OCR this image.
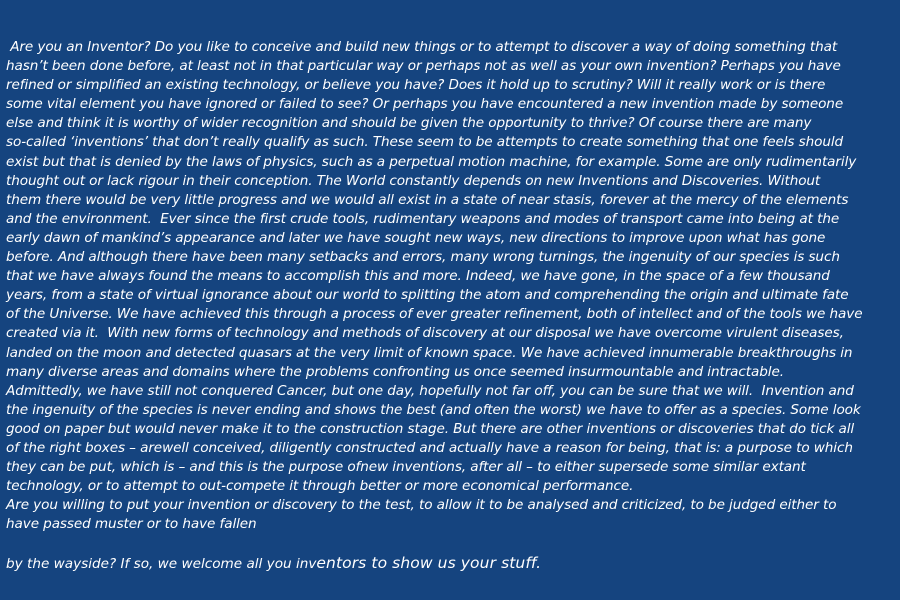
Are you an Inventor? Do you like to conceive and build new things or to attempt to discover a way of doing something that
hasn’t been done before, at least not in that particular way or perhaps not as well as your own invention? Perhaps you have
refined or simplified an existing technology, or believe you have? Does it hold up to scrutiny? Will it really work or is there
some vital element you have ignored or failed to see? Or perhaps you have encountered a new invention made by someone
else and think it is worthy of wider recognition and should be given the opportunity to thrive? Of course there are many
so-called ‘inventions’ that don’t really qualify as such. These seem to be attempts to create something that one feels should
exist but that is denied by the laws of physics, such as a perpetual motion machine, for example. Some are only rudimentarily
thought out or lack rigour in their conception. The World constantly depends on new Inventions and Discoveries. Without
them there would be very little progress and we would all exist in a state of near stasis, forever at the mercy of the elements
and the environment.  Ever since the first crude tools, rudimentary weapons and modes of transport came into being at the
early dawn of mankind’s appearance and later we have sought new ways, new directions to improve upon what has gone
before. And although there have been many setbacks and errors, many wrong turnings, the ingenuity of our species is such
that we have always found the means to accomplish this and more. Indeed, we have gone, in the space of a few thousand
years, from a state of virtual ignorance about our world to splitting the atom and comprehending the origin and ultimate fate
of the Universe. We have achieved this through a process of ever greater refinement, both of intellect and of the tools we have
created via it.  With new forms of technology and methods of discovery at our disposal we have overcome virulent diseases,
landed on the moon and detected quasars at the very limit of known space. We have achieved innumerable breakthroughs in
many diverse areas and domains where the problems confronting us once seemed insurmountable and intractable.
Admittedly, we have still not conquered Cancer, but one day, hopefully not far off, you can be sure that we will.  Invention and
the ingenuity of the species is never ending and shows the best (and often the worst) we have to offer as a species. Some look
good on paper but would never make it to the construction stage. But there are other inventions or discoveries that do tick all
of the right boxes – arewell conceived, diligently constructed and actually have a reason for being, that is: a purpose to which
they can be put, which is – and this is the purpose ofnew inventions, after all – to either supersede some similar extant
technology, or to attempt to out-compete it through better or more economical performance.
Are you willing to put your invention or discovery to the test, to allow it to be analysed and criticized, to be judged either to
have passed muster or to have fallen
by the wayside? If so, we welcome all you inventors to show us your stuff.
